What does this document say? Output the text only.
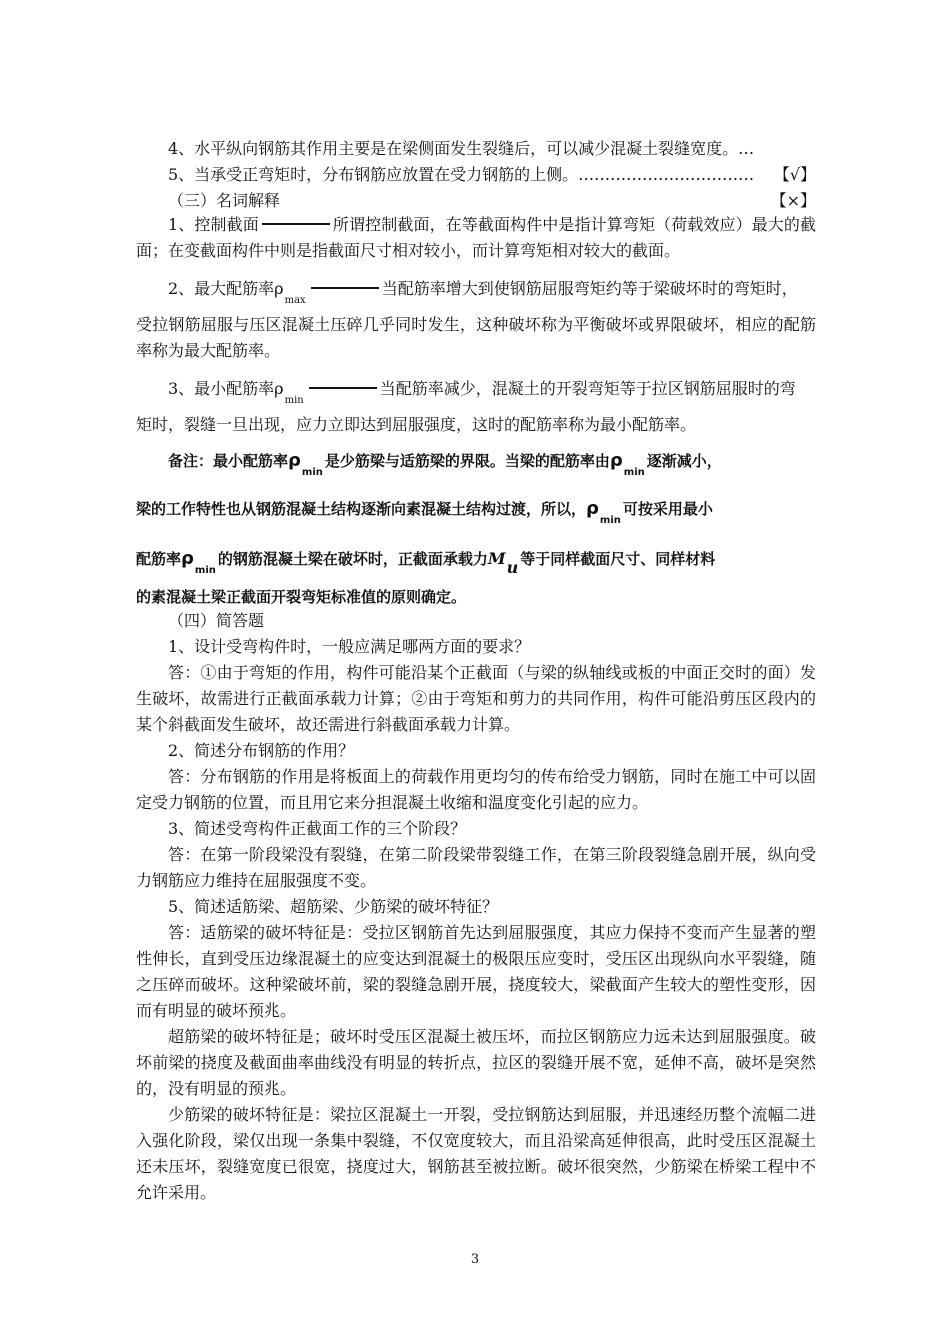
4、水平纵向钢筋其作用主要是在梁侧面发生裂缝后，可以减少混凝土裂缝宽度。…
【√】
5、当承受正弯矩时，分布钢筋应放置在受力钢筋的上侧。……………………………
【×】
（三）名词解释
1、控制截面	所谓控制截面，在等截面构件中是指计算弯矩（荷载效应）最大的截面；在变截面构件中则是指截面尺寸相对较小，而计算弯矩相对较大的截面。
2、最大配筋率$\rho_{max}$当配筋率增大到使钢筋屈服弯矩约等于梁破坏时的弯矩时，
受拉钢筋屈服与压区混凝土压碎几乎同时发生，这种破坏称为平衡破坏或界限破坏，相应的配筋率称为最大配筋率。
3、最小配筋率$\rho_{min}$当配筋率减少，混凝土的开裂弯矩等于拉区钢筋屈服时的弯
矩时，裂缝一旦出现，应力立即达到屈服强度，这时的配筋率称为最小配筋率。
备注：最小配筋率$\rho_{min}$是少筋梁与适筋梁的界限。当梁的配筋率由$\rho_{min}$逐渐减小，
梁的工作特性也从钢筋混凝土结构逐渐向素混凝土结构过渡，所以，$\rho_{min}$可按采用最小
配筋率$\rho_{min}$的钢筋混凝土梁在破坏时，正截面承载力Mu 等于同样截面尺寸、同样材料
的素混凝土梁正截面开裂弯矩标准值的原则确定。
（四）简答题
1、设计受弯构件时，一般应满足哪两方面的要求？
答：①由于弯矩的作用，构件可能沿某个正截面（与梁的纵轴线或板的中面正交时的面）发生破坏，故需进行正截面承载力计算；②由于弯矩和剪力的共同作用，构件可能沿剪压区段内的某个斜截面发生破坏，故还需进行斜截面承载力计算。
2、简述分布钢筋的作用？
答：分布钢筋的作用是将板面上的荷载作用更均匀的传布给受力钢筋，同时在施工中可以固定受力钢筋的位置，而且用它来分担混凝土收缩和温度变化引起的应力。
3、简述受弯构件正截面工作的三个阶段？
答：在第一阶段梁没有裂缝，在第二阶段梁带裂缝工作，在第三阶段裂缝急剧开展，纵向受力钢筋应力维持在屈服强度不变。
5、简述适筋梁、超筋梁、少筋梁的破坏特征？
答：适筋梁的破坏特征是：受拉区钢筋首先达到屈服强度，其应力保持不变而产生显著的塑性伸长，直到受压边缘混凝土的应变达到混凝土的极限压应变时，受压区出现纵向水平裂缝，随之压碎而破坏。这种梁破坏前，梁的裂缝急剧开展，挠度较大，梁截面产生较大的塑性变形，因而有明显的破坏预兆。
超筋梁的破坏特征是；破坏时受压区混凝土被压坏，而拉区钢筋应力远未达到屈服强度。破坏前梁的挠度及截面曲率曲线没有明显的转折点，拉区的裂缝开展不宽，延伸不高，破坏是突然的，没有明显的预兆。
少筋梁的破坏特征是：梁拉区混凝土一开裂，受拉钢筋达到屈服，并迅速经历整个流幅二进入强化阶段，梁仅出现一条集中裂缝，不仅宽度较大，而且沿梁高延伸很高，此时受压区混凝土还未压坏，裂缝宽度已很宽，挠度过大，钢筋甚至被拉断。破坏很突然，少筋梁在桥梁工程中不允许采用。
3
